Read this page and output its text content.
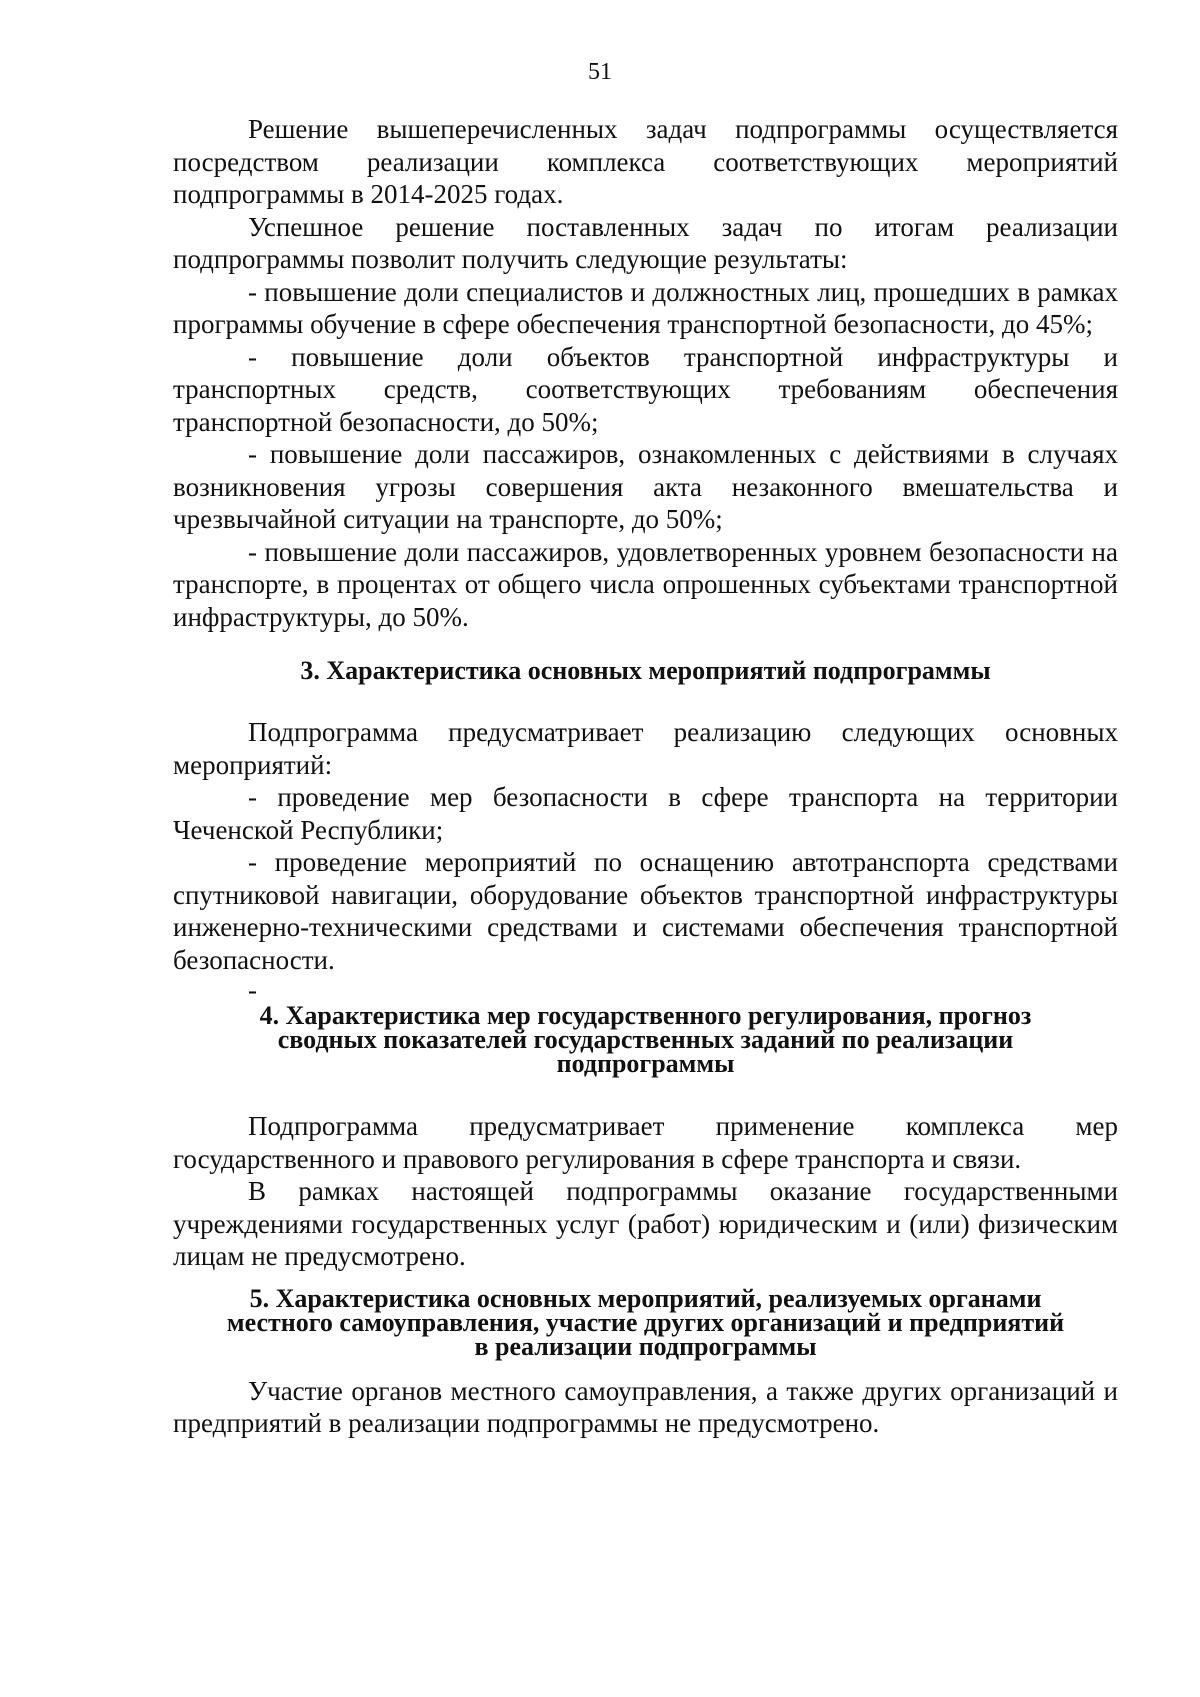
51

Решение вышеперечисленных задач подпрограммы осуществляется посредством реализации комплекса соответствующих мероприятий подпрограммы в 2014-2025 годах.

Успешное решение поставленных задач по итогам реализации подпрограммы позволит получить следующие результаты:

- повышение доли специалистов и должностных лиц, прошедших в рамках программы обучение в сфере обеспечения транспортной безопасности, до 45%;

- повышение доли объектов транспортной инфраструктуры и транспортных средств, соответствующих требованиям обеспечения транспортной безопасности, до 50%;

- повышение доли пассажиров, ознакомленных с действиями в случаях возникновения угрозы совершения акта незаконного вмешательства и чрезвычайной ситуации на транспорте, до 50%;

- повышение доли пассажиров, удовлетворенных уровнем безопасности на транспорте, в процентах от общего числа опрошенных субъектами транспортной инфраструктуры, до 50%.

3. Характеристика основных мероприятий подпрограммы

Подпрограмма предусматривает реализацию следующих основных мероприятий:

- проведение мер безопасности в сфере транспорта на территории Чеченской Республики;

- проведение мероприятий по оснащению автотранспорта средствами спутниковой навигации, оборудование объектов транспортной инфраструктуры инженерно-техническими средствами и системами обеспечения транспортной безопасности.

-
4. Характеристика мер государственного регулирования, прогноз
сводных показателей государственных заданий по реализации
подпрограммы

Подпрограмма предусматривает применение комплекса мер государственного и правового регулирования в сфере транспорта и связи.

В рамках настоящей подпрограммы оказание государственными учреждениями государственных услуг (работ) юридическим и (или) физическим лицам не предусмотрено.

5. Характеристика основных мероприятий, реализуемых органами
местного самоуправления, участие других организаций и предприятий
в реализации подпрограммы

Участие органов местного самоуправления, а также других организаций и предприятий в реализации подпрограммы не предусмотрено.
